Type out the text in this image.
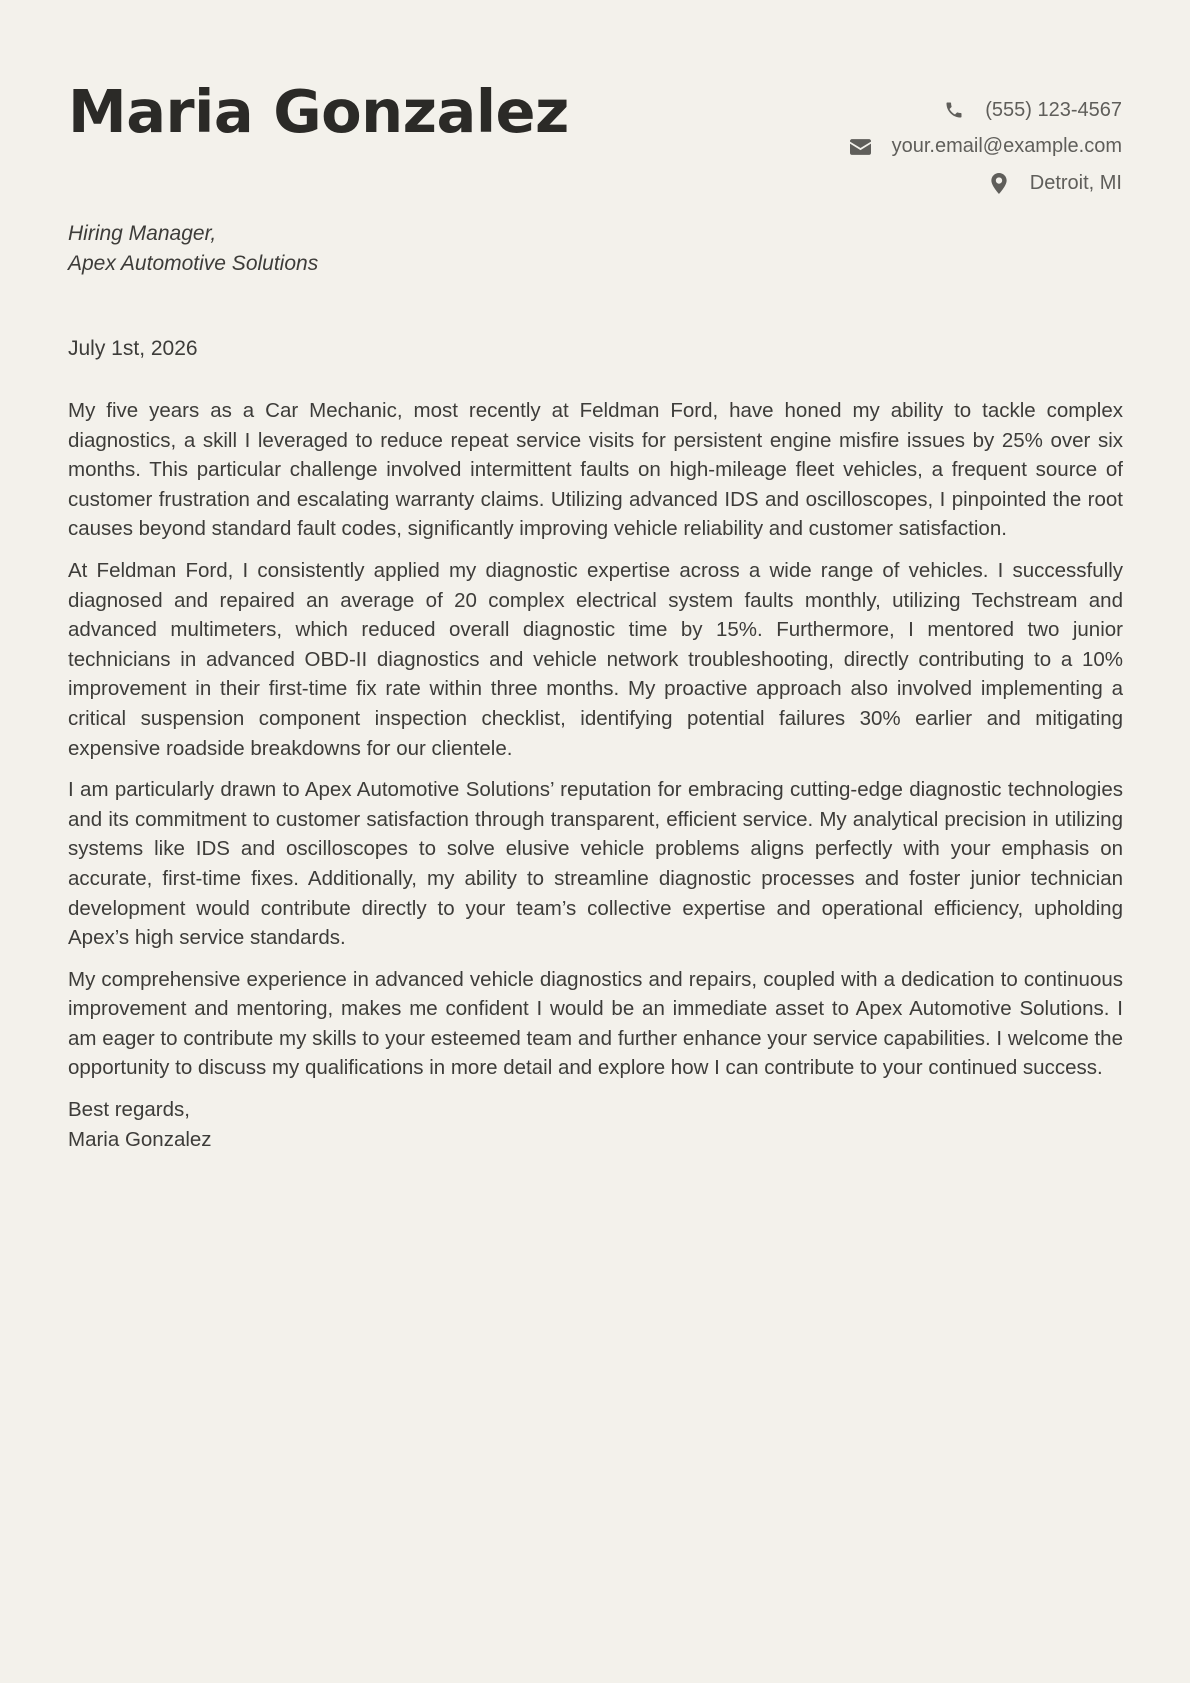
Maria Gonzalez	(555) 123-4567
your.email@example.com
Detroit, MI
Hiring Manager,
Apex Automotive Solutions
July 1st, 2026

My five years as a Car Mechanic, most recently at Feldman Ford, have honed my ability to tackle complex diagnostics, a skill I leveraged to reduce repeat service visits for persistent engine misfire issues by 25% over six months. This particular challenge involved intermittent faults on high-mileage fleet vehicles, a frequent source of customer frustration and escalating warranty claims. Utilizing advanced IDS and oscilloscopes, I pinpointed the root causes beyond standard fault codes, significantly improving vehicle reliability and customer satisfaction.

At Feldman Ford, I consistently applied my diagnostic expertise across a wide range of vehicles. I successfully diagnosed and repaired an average of 20 complex electrical system faults monthly, utilizing Techstream and advanced multimeters, which reduced overall diagnostic time by 15%. Furthermore, I mentored two junior technicians in advanced OBD-II diagnostics and vehicle network troubleshooting, directly contributing to a 10% improvement in their first-time fix rate within three months. My proactive approach also involved implementing a critical suspension component inspection checklist, identifying potential failures 30% earlier and mitigating expensive roadside breakdowns for our clientele.

I am particularly drawn to Apex Automotive Solutions’ reputation for embracing cutting-edge diagnostic technologies and its commitment to customer satisfaction through transparent, efficient service. My analytical precision in utilizing systems like IDS and oscilloscopes to solve elusive vehicle problems aligns perfectly with your emphasis on accurate, first-time fixes. Additionally, my ability to streamline diagnostic processes and foster junior technician development would contribute directly to your team’s collective expertise and operational efficiency, upholding Apex’s high service standards.

My comprehensive experience in advanced vehicle diagnostics and repairs, coupled with a dedication to continuous improvement and mentoring, makes me confident I would be an immediate asset to Apex Automotive Solutions. I am eager to contribute my skills to your esteemed team and further enhance your service capabilities. I welcome the opportunity to discuss my qualifications in more detail and explore how I can contribute to your continued success.

Best regards,
Maria Gonzalez
